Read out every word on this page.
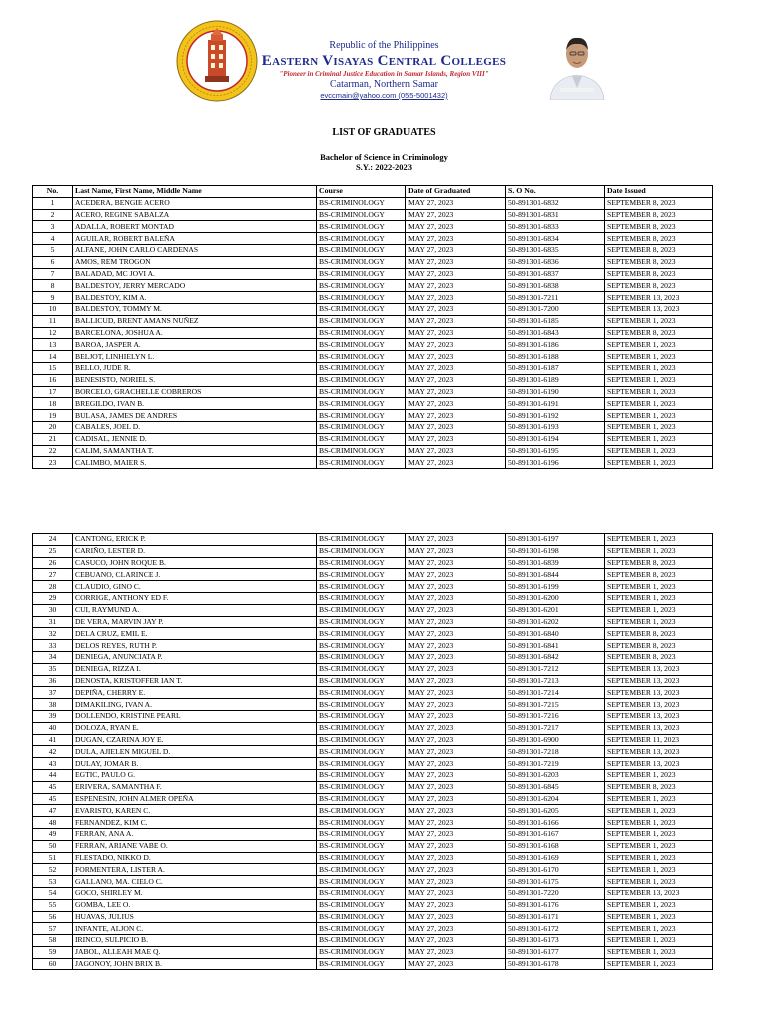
Republic of the Philippines
Eastern Visayas Central Colleges
"Pioneer in Criminal Justice Education in Samar Islands, Region VIII"
Catarman, Northern Samar
evccmain@yahoo.com (055-5001432)
LIST OF GRADUATES
Bachelor of Science in Criminology
S.Y.: 2022-2023
No.	Last Name, First Name, Middle Name	Course	Date of Graduated	S. O No.	Date Issued
1	ACEDERA, BENGIE ACERO	BS-CRIMINOLOGY	MAY 27, 2023	50-891301-6832	SEPTEMBER 8, 2023
2	ACERO, REGINE SABALZA	BS-CRIMINOLOGY	MAY 27, 2023	50-891301-6831	SEPTEMBER 8, 2023
3	ADALLA, ROBERT MONTAD	BS-CRIMINOLOGY	MAY 27, 2023	50-891301-6833	SEPTEMBER 8, 2023
4	AGUILAR, ROBERT BALEÑA	BS-CRIMINOLOGY	MAY 27, 2023	50-891301-6834	SEPTEMBER 8, 2023
5	ALFANE, JOHN CARLO CARDENAS	BS-CRIMINOLOGY	MAY 27, 2023	50-891301-6835	SEPTEMBER 8, 2023
6	AMOS, REM TROGON	BS-CRIMINOLOGY	MAY 27, 2023	50-891301-6836	SEPTEMBER 8, 2023
7	BALADAD, MC JOVI A.	BS-CRIMINOLOGY	MAY 27, 2023	50-891301-6837	SEPTEMBER 8, 2023
8	BALDESTOY, JERRY MERCADO	BS-CRIMINOLOGY	MAY 27, 2023	50-891301-6838	SEPTEMBER 8, 2023
9	BALDESTOY, KIM A.	BS-CRIMINOLOGY	MAY 27, 2023	50-891301-7211	SEPTEMBER 13, 2023
10	BALDESTOY, TOMMY M.	BS-CRIMINOLOGY	MAY 27, 2023	50-891301-7200	SEPTEMBER 13, 2023
11	BALLICUD, BRENT AMANS NUÑEZ	BS-CRIMINOLOGY	MAY 27, 2023	50-891301-6185	SEPTEMBER 1, 2023
12	BARCELONA, JOSHUA A.	BS-CRIMINOLOGY	MAY 27, 2023	50-891301-6843	SEPTEMBER 8, 2023
13	BAROA, JASPER A.	BS-CRIMINOLOGY	MAY 27, 2023	50-891301-6186	SEPTEMBER 1, 2023
14	BELJOT, LINHIELYN L.	BS-CRIMINOLOGY	MAY 27, 2023	50-891301-6188	SEPTEMBER 1, 2023
15	BELLO, JUDE R.	BS-CRIMINOLOGY	MAY 27, 2023	50-891301-6187	SEPTEMBER 1, 2023
16	BENESISTO, NORIEL S.	BS-CRIMINOLOGY	MAY 27, 2023	50-891301-6189	SEPTEMBER 1, 2023
17	BORCELO, GRACHELLE COBREROS	BS-CRIMINOLOGY	MAY 27, 2023	50-891301-6190	SEPTEMBER 1, 2023
18	BREGILDO, IVAN B.	BS-CRIMINOLOGY	MAY 27, 2023	50-891301-6191	SEPTEMBER 1, 2023
19	BULASA, JAMES DE ANDRES	BS-CRIMINOLOGY	MAY 27, 2023	50-891301-6192	SEPTEMBER 1, 2023
20	CABALES, JOEL D.	BS-CRIMINOLOGY	MAY 27, 2023	50-891301-6193	SEPTEMBER 1, 2023
21	CADISAL, JENNIE D.	BS-CRIMINOLOGY	MAY 27, 2023	50-891301-6194	SEPTEMBER 1, 2023
22	CALIM, SAMANTHA T.	BS-CRIMINOLOGY	MAY 27, 2023	50-891301-6195	SEPTEMBER 1, 2023
23	CALIMBO, MAIER S.	BS-CRIMINOLOGY	MAY 27, 2023	50-891301-6196	SEPTEMBER 1, 2023
24	CANTONG, ERICK P.	BS-CRIMINOLOGY	MAY 27, 2023	50-891301-6197	SEPTEMBER 1, 2023
25	CARIÑO, LESTER D.	BS-CRIMINOLOGY	MAY 27, 2023	50-891301-6198	SEPTEMBER 1, 2023
26	CASUCO, JOHN ROQUE B.	BS-CRIMINOLOGY	MAY 27, 2023	50-891301-6839	SEPTEMBER 8, 2023
27	CEBUANO, CLARINCE J.	BS-CRIMINOLOGY	MAY 27, 2023	50-891301-6844	SEPTEMBER 8, 2023
28	CLAUDIO, GINO C.	BS-CRIMINOLOGY	MAY 27, 2023	50-891301-6199	SEPTEMBER 1, 2023
29	CORRIGE, ANTHONY ED F.	BS-CRIMINOLOGY	MAY 27, 2023	50-891301-6200	SEPTEMBER 1, 2023
30	CUI, RAYMUND A.	BS-CRIMINOLOGY	MAY 27, 2023	50-891301-6201	SEPTEMBER 1, 2023
31	DE VERA, MARVIN JAY P.	BS-CRIMINOLOGY	MAY 27, 2023	50-891301-6202	SEPTEMBER 1, 2023
32	DELA CRUZ, EMIL E.	BS-CRIMINOLOGY	MAY 27, 2023	50-891301-6840	SEPTEMBER 8, 2023
33	DELOS REYES, RUTH P.	BS-CRIMINOLOGY	MAY 27, 2023	50-891301-6841	SEPTEMBER 8, 2023
34	DENIEGA, ANUNCIATA P.	BS-CRIMINOLOGY	MAY 27, 2023	50-891301-6842	SEPTEMBER 8, 2023
35	DENIEGA, RIZZA I.	BS-CRIMINOLOGY	MAY 27, 2023	50-891301-7212	SEPTEMBER 13, 2023
36	DENOSTA, KRISTOFFER IAN T.	BS-CRIMINOLOGY	MAY 27, 2023	50-891301-7213	SEPTEMBER 13, 2023
37	DEPIÑA, CHERRY E.	BS-CRIMINOLOGY	MAY 27, 2023	50-891301-7214	SEPTEMBER 13, 2023
38	DIMAKILING, IVAN A.	BS-CRIMINOLOGY	MAY 27, 2023	50-891301-7215	SEPTEMBER 13, 2023
39	DOLLENDO, KRISTINE PEARL	BS-CRIMINOLOGY	MAY 27, 2023	50-891301-7216	SEPTEMBER 13, 2023
40	DOLOZA, RYAN E.	BS-CRIMINOLOGY	MAY 27, 2023	50-891301-7217	SEPTEMBER 13, 2023
41	DUGAN, CZARINA JOY E.	BS-CRIMINOLOGY	MAY 27, 2023	50-891301-6900	SEPTEMBER 11, 2023
42	DULA, AJIELEN MIGUEL D.	BS-CRIMINOLOGY	MAY 27, 2023	50-891301-7218	SEPTEMBER 13, 2023
43	DULAY, JOMAR B.	BS-CRIMINOLOGY	MAY 27, 2023	50-891301-7219	SEPTEMBER 13, 2023
44	EGTIC, PAULO G.	BS-CRIMINOLOGY	MAY 27, 2023	50-891301-6203	SEPTEMBER 1, 2023
45	ERIVERA, SAMANTHA F.	BS-CRIMINOLOGY	MAY 27, 2023	50-891301-6845	SEPTEMBER 8, 2023
45	ESPENESIN, JOHN ALMER OPEÑA	BS-CRIMINOLOGY	MAY 27, 2023	50-891301-6204	SEPTEMBER 1, 2023
47	EVARISTO, KAREN C.	BS-CRIMINOLOGY	MAY 27, 2023	50-891301-6205	SEPTEMBER 1, 2023
48	FERNANDEZ, KIM C.	BS-CRIMINOLOGY	MAY 27, 2023	50-891301-6166	SEPTEMBER 1, 2023
49	FERRAN, ANA A.	BS-CRIMINOLOGY	MAY 27, 2023	50-891301-6167	SEPTEMBER 1, 2023
50	FERRAN, ARIANE VABE O.	BS-CRIMINOLOGY	MAY 27, 2023	50-891301-6168	SEPTEMBER 1, 2023
51	FLESTADO, NIKKO D.	BS-CRIMINOLOGY	MAY 27, 2023	50-891301-6169	SEPTEMBER 1, 2023
52	FORMENTERA, LISTER A.	BS-CRIMINOLOGY	MAY 27, 2023	50-891301-6170	SEPTEMBER 1, 2023
53	GALLANO, MA. CIELO C.	BS-CRIMINOLOGY	MAY 27, 2023	50-891301-6175	SEPTEMBER 1, 2023
54	GOCO, SHIRLEY M.	BS-CRIMINOLOGY	MAY 27, 2023	50-891301-7220	SEPTEMBER 13, 2023
55	GOMBA, LEE O.	BS-CRIMINOLOGY	MAY 27, 2023	50-891301-6176	SEPTEMBER 1, 2023
56	HUAVAS, JULIUS	BS-CRIMINOLOGY	MAY 27, 2023	50-891301-6171	SEPTEMBER 1, 2023
57	INFANTE, ALJON C.	BS-CRIMINOLOGY	MAY 27, 2023	50-891301-6172	SEPTEMBER 1, 2023
58	IRINCO, SULPICIO B.	BS-CRIMINOLOGY	MAY 27, 2023	50-891301-6173	SEPTEMBER 1, 2023
59	JABOL, ALLEAH MAE Q.	BS-CRIMINOLOGY	MAY 27, 2023	50-891301-6177	SEPTEMBER 1, 2023
60	JAGONOY, JOHN BRIX B.	BS-CRIMINOLOGY	MAY 27, 2023	50-891301-6178	SEPTEMBER 1, 2023
